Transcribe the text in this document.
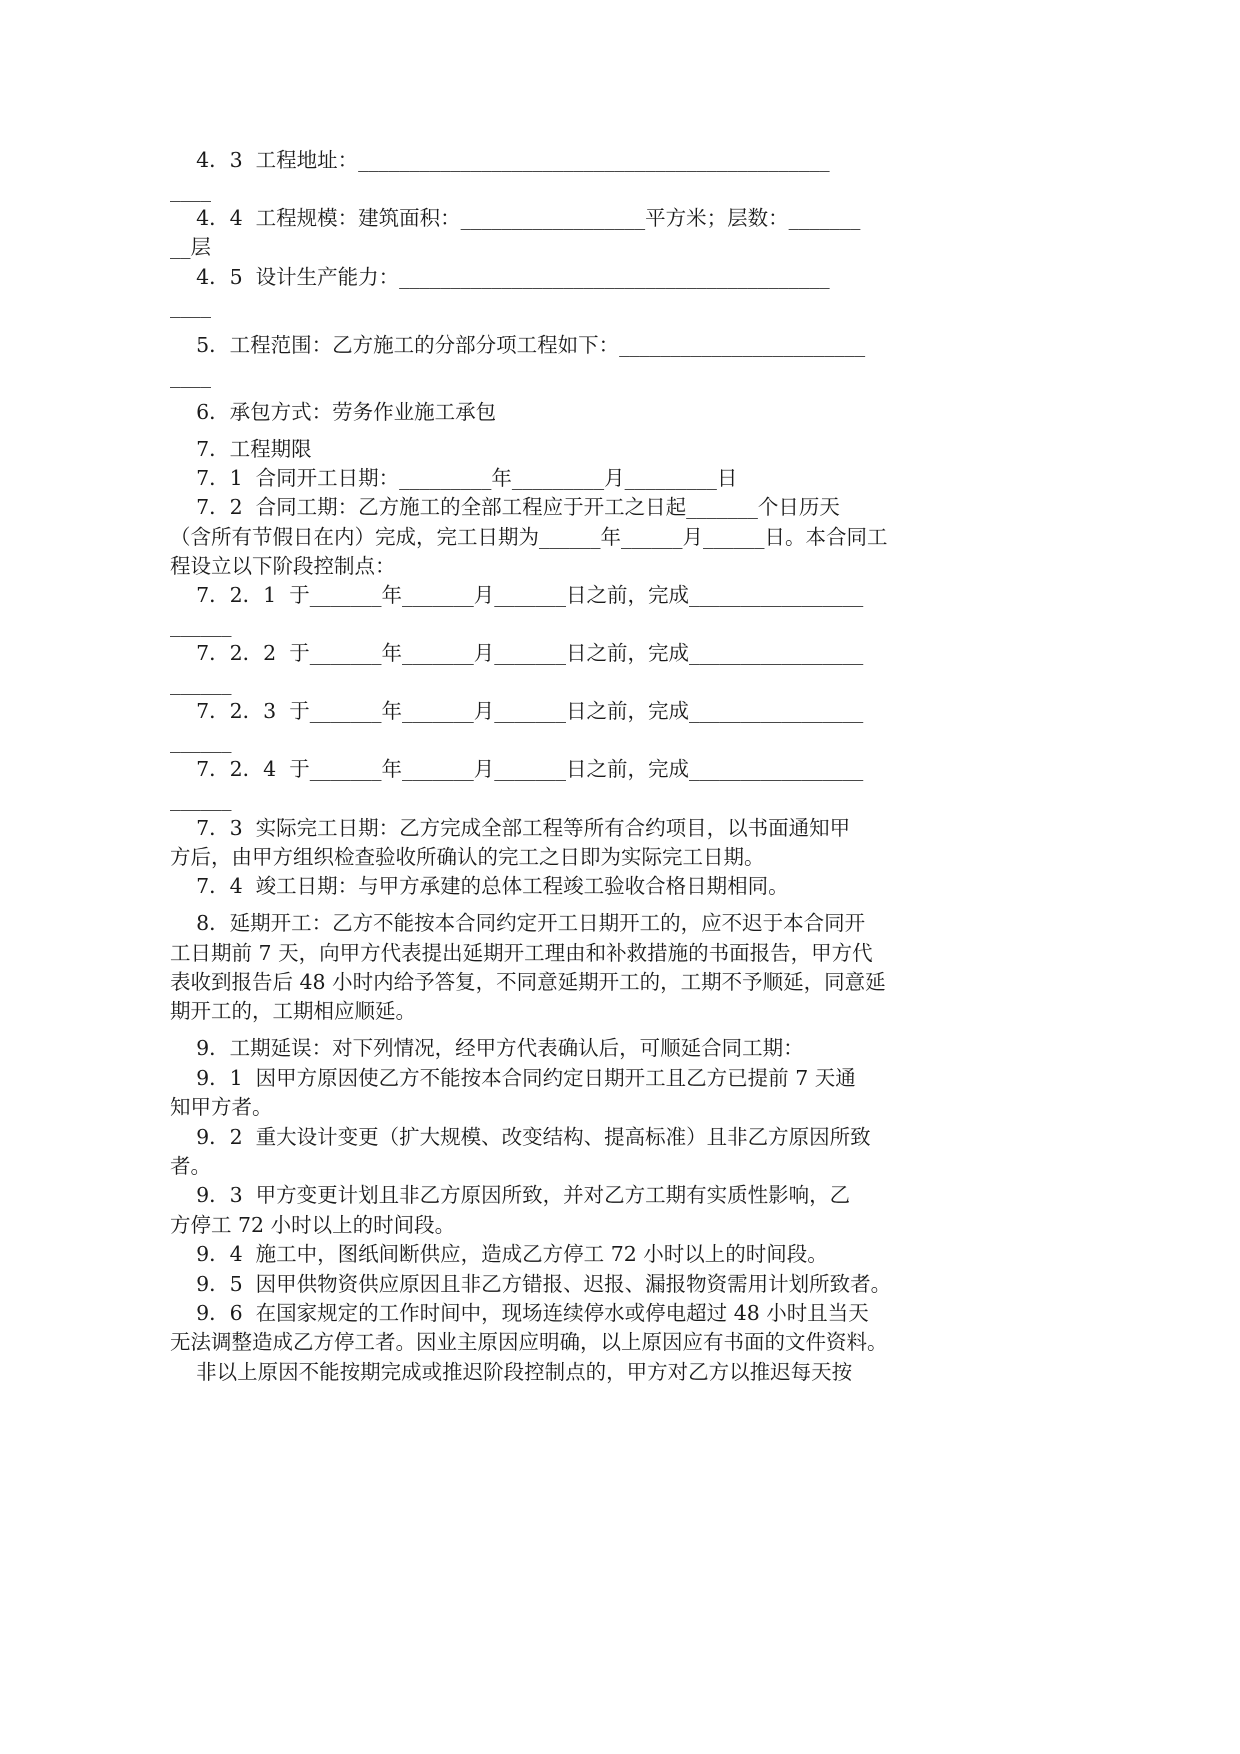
4．3  工程地址：______________________________________________
____
4．4  工程规模：建筑面积：__________________平方米；层数：_______
__层
4．5  设计生产能力：__________________________________________
____
5．工程范围：乙方施工的分部分项工程如下：________________________
____
6．承包方式：劳务作业施工承包
7．工程期限
7．1  合同开工日期：_________年_________月_________日
7．2  合同工期：乙方施工的全部工程应于开工之日起_______个日历天
（含所有节假日在内）完成，完工日期为______年______月______日。本合同工
程设立以下阶段控制点：
7．2．1  于_______年_______月_______日之前，完成_________________
______
7．2．2  于_______年_______月_______日之前，完成_________________
______
7．2．3  于_______年_______月_______日之前，完成_________________
______
7．2．4  于_______年_______月_______日之前，完成_________________
______
7．3  实际完工日期：乙方完成全部工程等所有合约项目，以书面通知甲
方后，由甲方组织检查验收所确认的完工之日即为实际完工日期。
7．4  竣工日期：与甲方承建的总体工程竣工验收合格日期相同。
8．延期开工：乙方不能按本合同约定开工日期开工的，应不迟于本合同开
工日期前 7 天，向甲方代表提出延期开工理由和补救措施的书面报告，甲方代
表收到报告后 48 小时内给予答复，不同意延期开工的，工期不予顺延，同意延
期开工的，工期相应顺延。
9．工期延误：对下列情况，经甲方代表确认后，可顺延合同工期：
9．1  因甲方原因使乙方不能按本合同约定日期开工且乙方已提前 7 天通
知甲方者。
9．2  重大设计变更（扩大规模、改变结构、提高标准）且非乙方原因所致
者。
9．3  甲方变更计划且非乙方原因所致，并对乙方工期有实质性影响，乙
方停工 72 小时以上的时间段。
9．4  施工中，图纸间断供应，造成乙方停工 72 小时以上的时间段。
9．5  因甲供物资供应原因且非乙方错报、迟报、漏报物资需用计划所致者。
9．6  在国家规定的工作时间中，现场连续停水或停电超过 48 小时且当天
无法调整造成乙方停工者。因业主原因应明确，以上原因应有书面的文件资料。
非以上原因不能按期完成或推迟阶段控制点的，甲方对乙方以推迟每天按
